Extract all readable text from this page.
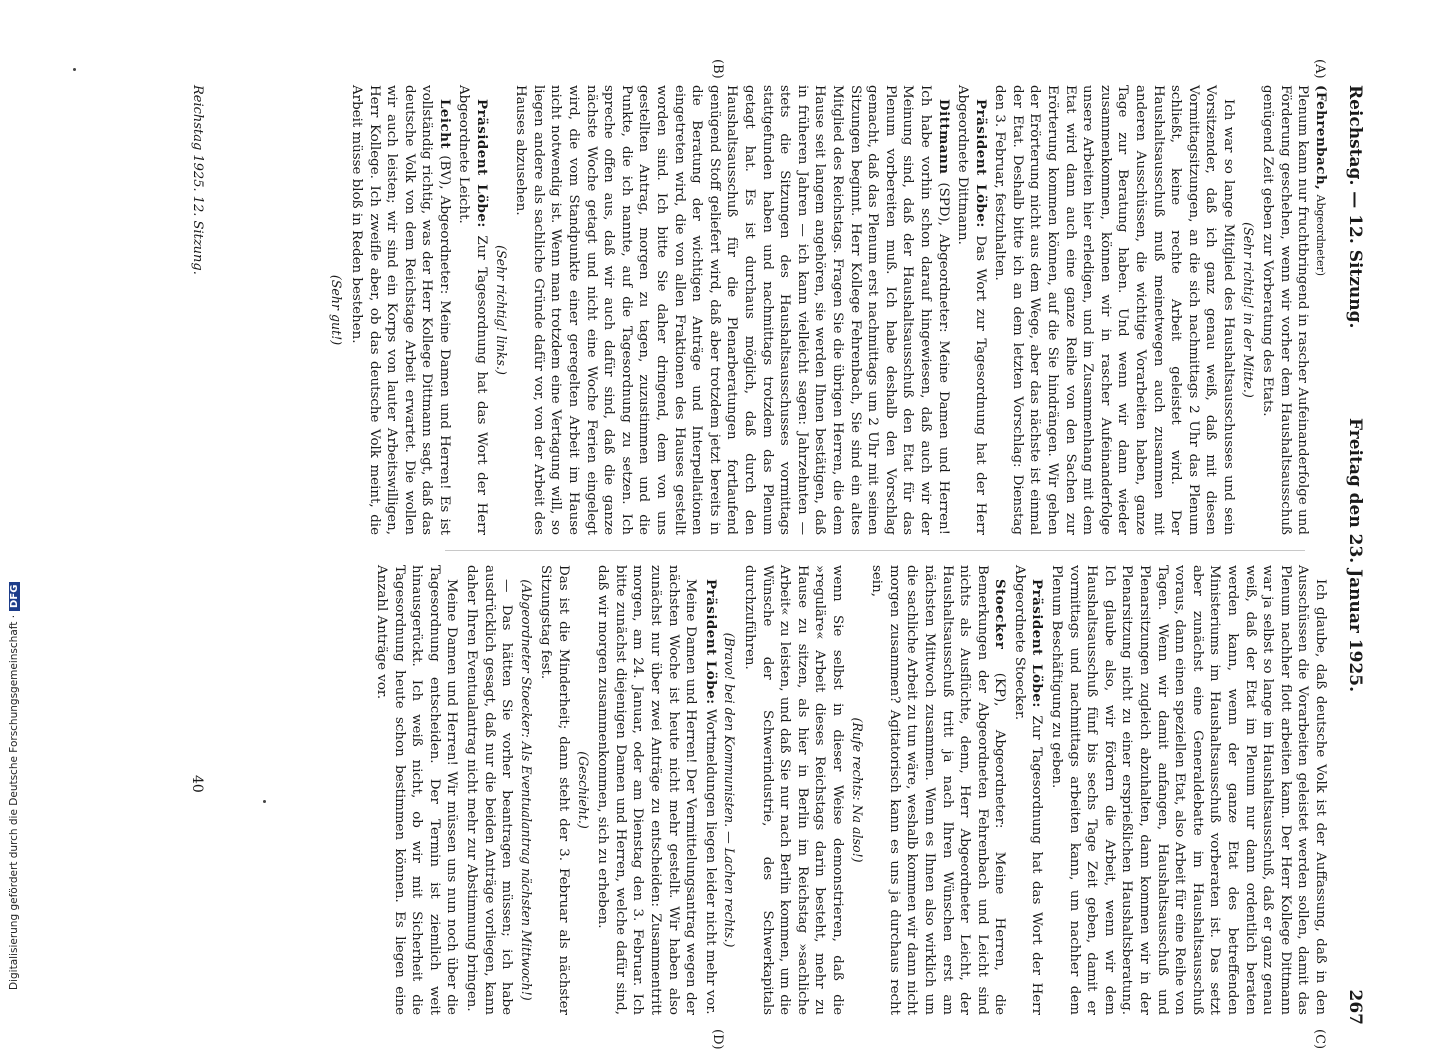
Reichstag. — 12. Sitzung.
Freitag den 23. Januar 1925.
267
(A)
(B)
(C)
(D)

(Fehrenbach, Abgeordneter)
Plenum kann nur fruchtbringend in rascher Aufeinanderfolge und Förderung geschehen, wenn wir vorher dem Haushaltsausschuß genügend Zeit geben zur Vorberatung des Etats.

(Sehr richtig! in der Mitte.)

Ich war so lange Mitglied des Haushaltsausschusses und sein Vorsitzender, daß ich ganz genau weiß, daß mit diesen Vormittagsitzungen, an die sich nachmittags 2 Uhr das Plenum schließt, keine rechte Arbeit geleistet wird. Der Haushaltsausschuß muß meinetwegen auch zusammen mit anderen Ausschüssen, die wichtige Vorarbeiten haben, ganze Tage zur Beratung haben. Und wenn wir dann wieder zusammenkommen, können wir in rascher Aufeinanderfolge unsere Arbeiten hier erledigen, und im Zusammenhang mit dem Etat wird dann auch eine ganze Reihe von den Sachen zur Erörterung kommen können, auf die Sie hindrängen. Wir gehen der Erörterung nicht aus dem Wege, aber das nächste ist einmal der Etat. Deshalb bitte ich an dem letzten Vorschlag: Dienstag den 3. Februar, festzuhalten.

Präsident Löbe: Das Wort zur Tagesordnung hat der Herr Abgeordnete Dittmann.

Dittmann (SPD), Abgeordneter: Meine Damen und Herren! Ich habe vorhin schon darauf hingewiesen, daß auch wir der Meinung sind, daß der Haushaltsausschuß den Etat für das Plenum vorbereiten muß. Ich habe deshalb den Vorschlag gemacht, daß das Plenum erst nachmittags um 2 Uhr mit seinen Sitzungen beginnt. Herr Kollege Fehrenbach, Sie sind ein altes Mitglied des Reichstags. Fragen Sie die übrigen Herren, die dem Hause seit langem angehören, sie werden Ihnen bestätigen, daß in früheren Jahren — ich kann vielleicht sagen: Jahrzehnten — stets die Sitzungen des Haushaltsausschusses vormittags stattgefunden haben und nachmittags trotzdem das Plenum getagt hat. Es ist durchaus möglich, daß durch den Haushaltsausschuß für die Plenarberatungen fortlaufend genügend Stoff geliefert wird, daß aber trotzdem jetzt bereits in die Beratung der wichtigen Anträge und Interpellationen eingetreten wird, die von allen Fraktionen des Hauses gestellt worden sind. Ich bitte Sie daher dringend, dem von uns gestellten Antrag, morgen zu tagen, zuzustimmen und die Punkte, die ich nannte, auf die Tagesordnung zu setzen. Ich spreche offen aus, daß wir auch dafür sind, daß die ganze nächste Woche getagt und nicht eine Woche Ferien eingelegt wird, die vom Standpunkte einer geregelten Arbeit im Hause nicht notwendig ist. Wenn man trotzdem eine Vertagung will, so liegen andere als sachliche Gründe dafür vor, von der Arbeit des Hauses abzusehen.

(Sehr richtig! links.)

Präsident Löbe: Zur Tagesordnung hat das Wort der Herr Abgeordnete Leicht.

Leicht (BV), Abgeordneter: Meine Damen und Herren! Es ist vollständig richtig, was der Herr Kollege Dittmann sagt, daß das deutsche Volk von dem Reichstage Arbeit erwartet. Die wollen wir auch leisten; wir sind ein Korps von lauter Arbeitswilligen, Herr Kollege. Ich zweifle aber, ob das deutsche Volk meint, die Arbeit müsse bloß in Reden bestehen.

(Sehr gut!)

Ich glaube, daß deutsche Volk ist der Auffassung, daß in den Ausschüssen die Vorarbeiten geleistet werden sollen, damit das Plenum nachher flott arbeiten kann. Der Herr Kollege Dittmann war ja selbst so lange im Haushaltsausschuß, daß er ganz genau weiß, daß der Etat im Plenum nur dann ordentlich beraten werden kann, wenn der ganze Etat des betreffenden Ministeriums im Haushaltsausschuß vorberaten ist. Das setzt aber zunächst eine Generaldebatte im Haushaltsausschuß voraus, dann einen speziellen Etat, also Arbeit für eine Reihe von Tagen. Wenn wir damit anfangen, Haushaltsausschuß und Plenarsitzungen zugleich abzuhalten, dann kommen wir in der Plenarsitzung nicht zu einer ersprießlichen Haushaltsberatung. Ich glaube also, wir fördern die Arbeit, wenn wir dem Haushaltsausschuß fünf bis sechs Tage Zeit geben, damit er vormittags und nachmittags arbeiten kann, um nachher dem Plenum Beschäftigung zu geben.

Präsident Löbe: Zur Tagesordnung hat das Wort der Herr Abgeordnete Stoecker.

Stoecker (KP), Abgeordneter: Meine Herren, die Bemerkungen der Abgeordneten Fehrenbach und Leicht sind nichts als Ausflüchte, denn, Herr Abgeordneter Leicht, der Haushaltsausschuß tritt ja nach Ihren Wünschen erst am nächsten Mittwoch zusammen. Wenn es Ihnen also wirklich um die sachliche Arbeit zu tun wäre, weshalb kommen wir dann nicht morgen zusammen? Agitatorisch kann es uns ja durchaus recht sein,

(Rufe rechts: Na also!)

wenn Sie selbst in dieser Weise demonstrieren, daß die »reguläre« Arbeit dieses Reichstags darin besteht, mehr zu Hause zu sitzen, als hier in Berlin im Reichstag »sachliche Arbeit« zu leisten, und daß Sie nur nach Berlin kommen, um die Wünsche der Schwerindustrie, des Schwerkapitals durchzuführen.

(Bravo! bei den Kommunisten. — Lachen rechts.)

Präsident Löbe: Wortmeldungen liegen leider nicht mehr vor.

Meine Damen und Herren! Der Vermittelungsantrag wegen der nächsten Woche ist heute nicht mehr gestellt. Wir haben also zunächst nur über zwei Anträge zu entscheiden: Zusammentritt morgen, am 24. Januar, oder am Dienstag den 3. Februar. Ich bitte zunächst diejenigen Damen und Herren, welche dafür sind, daß wir morgen zusammenkommen, sich zu erheben.

(Geschieht.)

Das ist die Minderheit; dann steht der 3. Februar als nächster Sitzungstag fest.

(Abgeordneter Stoecker: Als Eventualantrag nächsten Mittwoch!)

— Das hätten Sie vorher beantragen müssen; ich habe ausdrücklich gesagt, daß nur die beiden Anträge vorliegen, kann daher Ihren Eventualantrag nicht mehr zur Abstimmung bringen.

Meine Damen und Herren! Wir müssen uns nun noch über die Tagesordnung entscheiden. Der Termin ist ziemlich weit hinausgerückt. Ich weiß nicht, ob wir mit Sicherheit die Tagesordnung heute schon bestimmen können. Es liegen eine Anzahl Anträge vor.

Reichstag 1925. 12. Sitzung.
40
Digitalisierung gefördert durch die Deutsche Forschungsgemeinschaft ·DFG
